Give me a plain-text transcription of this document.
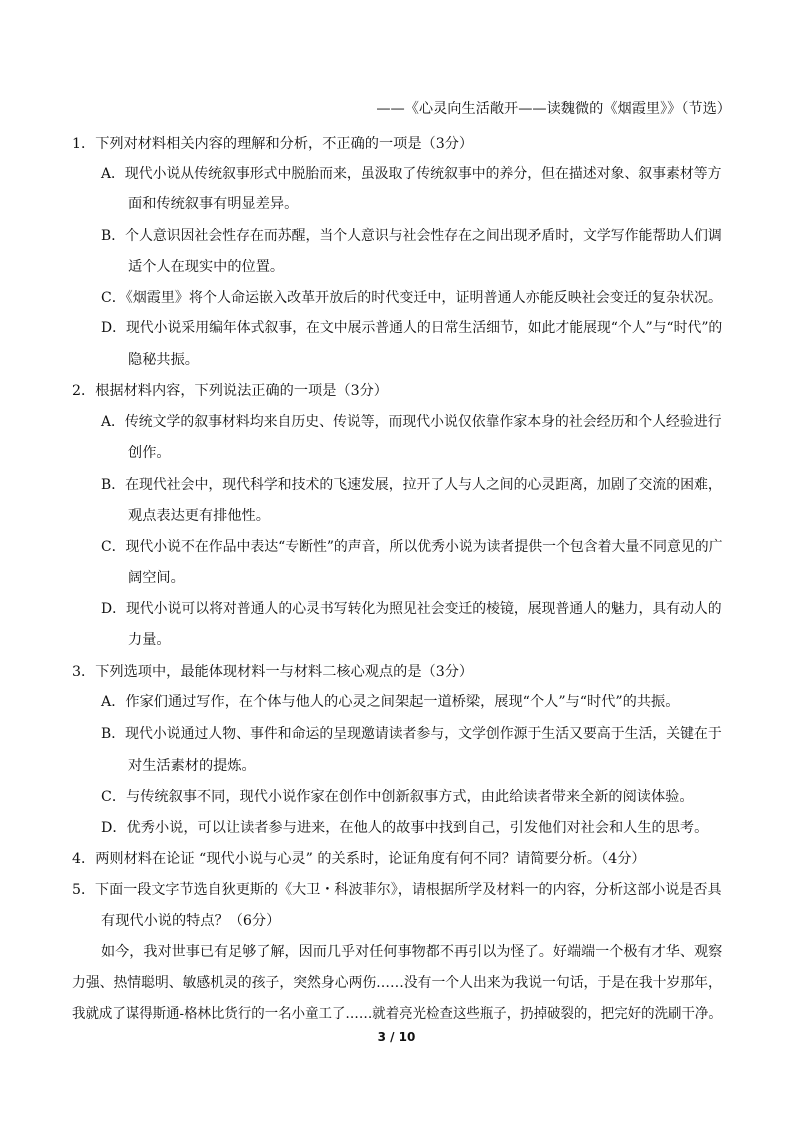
——《心灵向生活敞开——读魏微的《烟霞里》》（节选）
1．下列对材料相关内容的理解和分析，不正确的一项是（3分）
A．现代小说从传统叙事形式中脱胎而来，虽汲取了传统叙事中的养分，但在描述对象、叙事素材等方
面和传统叙事有明显差异。
B．个人意识因社会性存在而苏醒，当个人意识与社会性存在之间出现矛盾时，文学写作能帮助人们调
适个人在现实中的位置。
C．《烟霞里》将个人命运嵌入改革开放后的时代变迁中，证明普通人亦能反映社会变迁的复杂状况。
D．现代小说采用编年体式叙事，在文中展示普通人的日常生活细节，如此才能展现“个人”与“时代”的
隐秘共振。
2．根据材料内容，下列说法正确的一项是（3分）
A．传统文学的叙事材料均来自历史、传说等，而现代小说仅依靠作家本身的社会经历和个人经验进行
创作。
B．在现代社会中，现代科学和技术的飞速发展，拉开了人与人之间的心灵距离，加剧了交流的困难，
观点表达更有排他性。
C．现代小说不在作品中表达“专断性”的声音，所以优秀小说为读者提供一个包含着大量不同意见的广
阔空间。
D．现代小说可以将对普通人的心灵书写转化为照见社会变迁的棱镜，展现普通人的魅力，具有动人的
力量。
3．下列选项中，最能体现材料一与材料二核心观点的是（3分）
A．作家们通过写作，在个体与他人的心灵之间架起一道桥梁，展现“个人”与“时代”的共振。
B．现代小说通过人物、事件和命运的呈现邀请读者参与，文学创作源于生活又要高于生活，关键在于
对生活素材的提炼。
C．与传统叙事不同，现代小说作家在创作中创新叙事方式，由此给读者带来全新的阅读体验。
D．优秀小说，可以让读者参与进来，在他人的故事中找到自己，引发他们对社会和人生的思考。
4．两则材料在论证 “现代小说与心灵” 的关系时，论证角度有何不同？请简要分析。（4分）
5．下面一段文字节选自狄更斯的《大卫・科波菲尔》，请根据所学及材料一的内容，分析这部小说是否具
有现代小说的特点？（6分）
如今，我对世事已有足够了解，因而几乎对任何事物都不再引以为怪了。好端端一个极有才华、观察
力强、热情聪明、敏感机灵的孩子，突然身心两伤……没有一个人出来为我说一句话，于是在我十岁那年，
我就成了谋得斯通-格林比货行的一名小童工了……就着亮光检查这些瓶子，扔掉破裂的，把完好的洗刷干净。
3 / 10
